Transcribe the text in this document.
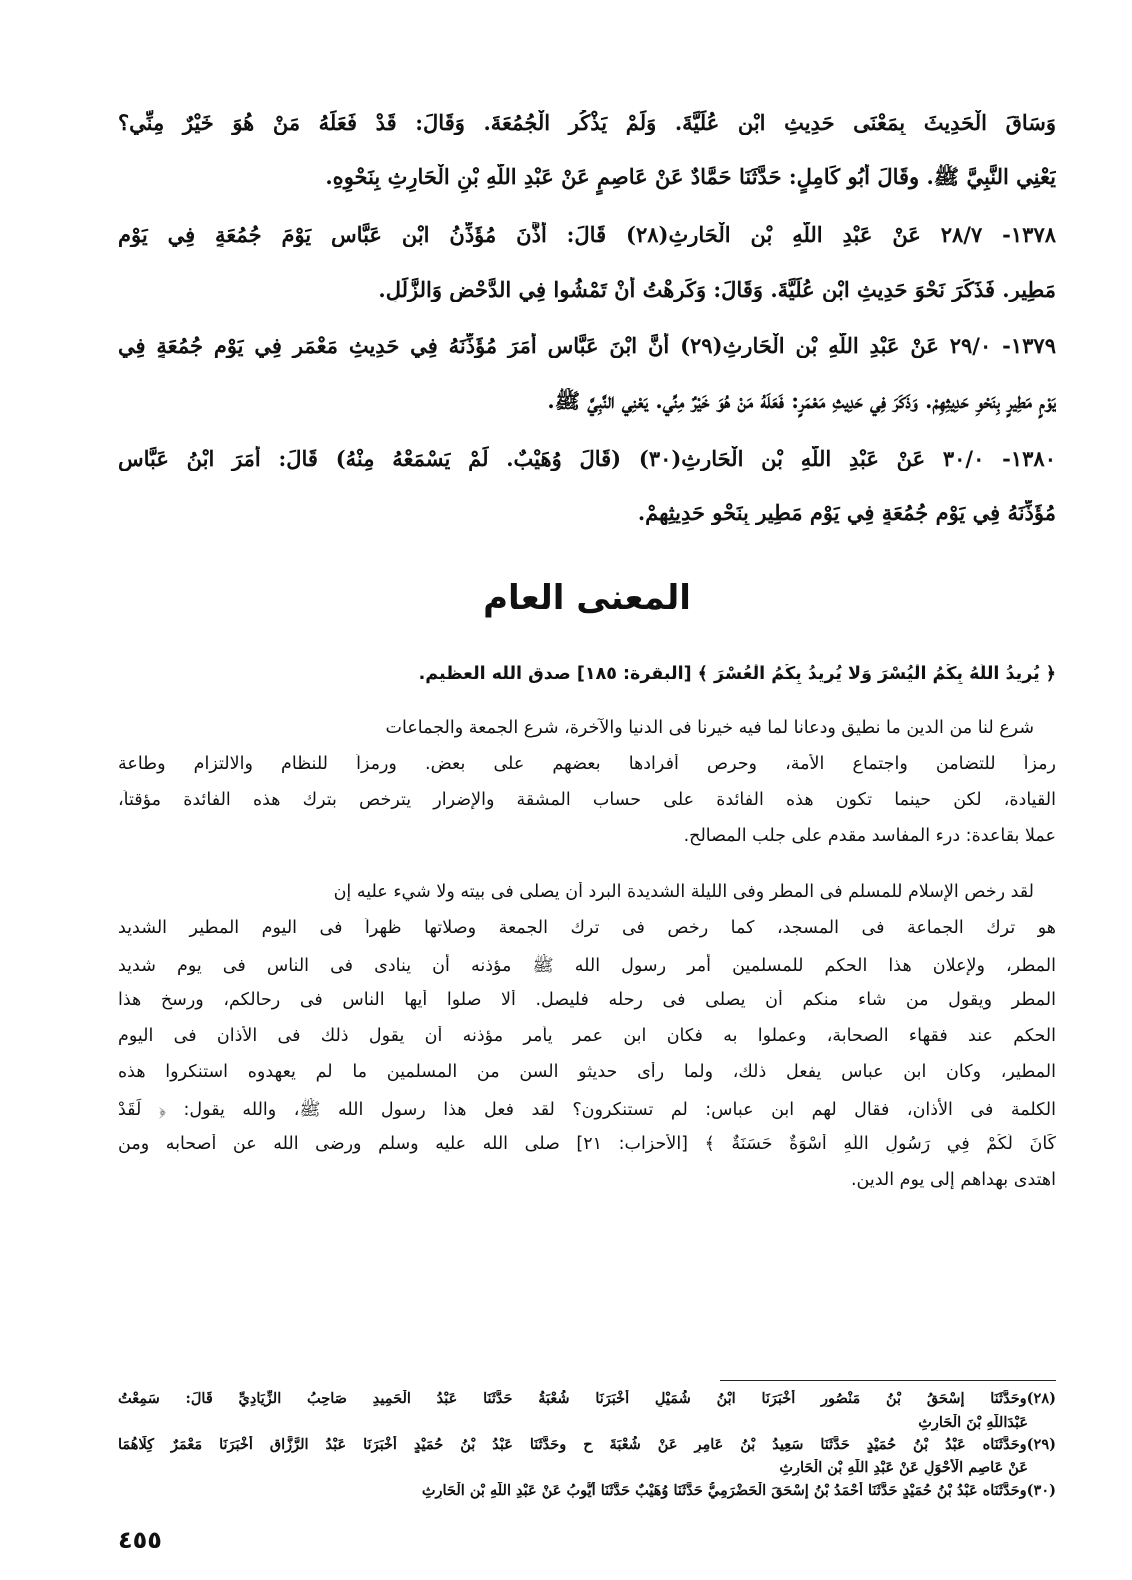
وَسَاقَ الْحَدِيثَ بِمَعْنَى حَدِيثِ ابْنِ عُلَيَّةَ. وَلَمْ يَذْكُرِ الْجُمُعَةَ. وَقَالَ: قَدْ فَعَلَهُ مَنْ هُوَ خَيْرٌ مِنِّي؟
يَعْنِي النَّبِيَّ ﷺ. وقَالَ أَبُو كَامِلٍ: حَدَّثَنَا حَمَّادٌ عَنْ عَاصِمٍ عَنْ عَبْدِ اللَّهِ بْنِ الْحَارِثِ بِنَحْوِهِ.
١٣٧٨- ٢٨/٧ عَنْ عَبْدِ اللَّهِ بْنِ الْحَارِثِ(٢٨) قَالَ: أَذَّنَ مُؤَذِّنُ ابْنِ عَبَّاسٍ يَوْمَ جُمُعَةٍ فِي يَوْمٍ
مَطِيرٍ. فَذَكَرَ نَحْوَ حَدِيثِ ابْنِ عُلَيَّةَ. وَقَالَ: وَكَرِهْتُ أَنْ تَمْشُوا فِي الدَّحْضِ وَالزَّلَلِ.
١٣٧٩- ٢٩/٠ عَنْ عَبْدِ اللَّهِ بْنِ الْحَارِثِ(٢٩) أَنَّ ابْنَ عَبَّاسٍ أَمَرَ مُؤَذِّنَهُ فِي حَدِيثِ مَعْمَرٍ فِي يَوْمِ جُمُعَةٍ فِي
يَوْمٍ مَطِيرٍ بِنَحْوِ حَدِيثِهِمْ. وَذَكَرَ فِي حَدِيثِ مَعْمَرٍ: فَعَلَهُ مَنْ هُوَ خَيْرٌ مِنِّي. يَعْنِي النَّبِيَّ ﷺ.
١٣٨٠- ٣٠/٠ عَنْ عَبْدِ اللَّهِ بْنِ الْحَارِثِ(٣٠) (قَالَ وُهَيْبٌ. لَمْ يَسْمَعْهُ مِنْهُ) قَالَ: أَمَرَ ابْنُ عَبَّاسٍ
مُؤَذِّنَهُ فِي يَوْمِ جُمُعَةٍ فِي يَوْمٍ مَطِيرٍ بِنَحْوِ حَدِيثِهِمْ.
المعنى العام
﴿ يُرِيدُ اللَّهُ بِكُمُ الْيُسْرَ وَلا يُرِيدُ بِكُمُ الْعُسْرَ ﴾ [البقرة: ١٨٥] صدق الله العظيم.
شرع لنا من الدين ما نطيق ودعانا لما فيه خيرنا فى الدنيا والآخرة، شرع الجمعة والجماعات
رمزاً للتضامن واجتماع الأمة، وحرص أفرادها بعضهم على بعض. ورمزاً للنظام والالتزام وطاعة
القيادة، لكن حينما تكون هذه الفائدة على حساب المشقة والإضرار يترخص بترك هذه الفائدة مؤقتاً،
عملا بقاعدة: درء المفاسد مقدم على جلب المصالح.
لقد رخص الإسلام للمسلم فى المطر وفى الليلة الشديدة البرد أن يصلى فى بيته ولا شيء عليه إن
هو ترك الجماعة فى المسجد، كما رخص فى ترك الجمعة وصلاتها ظهراً فى اليوم المطير الشديد
المطر، ولإعلان هذا الحكم للمسلمين أمر رسول الله ﷺ مؤذنه أن ينادى فى الناس فى يوم شديد
المطر ويقول من شاء منكم أن يصلى فى رحله فليصل. ألا صلوا أيها الناس فى رحالكم، ورسخ هذا
الحكم عند فقهاء الصحابة، وعملوا به فكان ابن عمر يأمر مؤذنه أن يقول ذلك فى الأذان فى اليوم
المطير، وكان ابن عباس يفعل ذلك، ولما رأى حديثو السن من المسلمين ما لم يعهدوه استنكروا هذه
الكلمة فى الأذان، فقال لهم ابن عباس: لم تستنكرون؟ لقد فعل هذا رسول الله ﷺ، والله يقول: ﴿ لَقَدْ
كَانَ لَكُمْ فِي رَسُولِ اللَّهِ أُسْوَةٌ حَسَنَةٌ ﴾ [الأحزاب: ٢١] صلى الله عليه وسلم ورضى الله عن أصحابه ومن
اهتدى بهداهم إلى يوم الدين.
(٢٨)وحَدَّثَنَا إِسْحَقُ بْنُ مَنْصُورٍ أَخْبَرَنَا ابْنُ شُمَيْلٍ أَخْبَرَنَا شُعْبَةُ حَدَّثَنَا عَبْدُ الْحَمِيدِ صَاحِبُ الزِّيَادِيِّ قَالَ: سَمِعْتُ
عَبْدَاللَّهِ بْنَ الْحَارِثِ
(٢٩)وحَدَّثَنَاه عَبْدُ بْنُ حُمَيْدٍ حَدَّثَنَا سَعِيدُ بْنُ عَامِرٍ عَنْ شُعْبَةَ ح وحَدَّثَنَا عَبْدُ بْنُ حُمَيْدٍ أَخْبَرَنَا عَبْدُ الرَّزَّاقِ أَخْبَرَنَا مَعْمَرٌ كِلَاهُمَا
عَنْ عَاصِمٍ الْأَحْوَلِ عَنْ عَبْدِ اللَّهِ بْنِ الْحَارِثِ
(٣٠)وحَدَّثَنَاه عَبْدُ بْنُ حُمَيْدٍ حَدَّثَنَا أَحْمَدُ بْنُ إِسْحَقَ الْحَضْرَمِيُّ حَدَّثَنَا وُهَيْبٌ حَدَّثَنَا أَيُّوبُ عَنْ عَبْدِ اللَّهِ بْنِ الْحَارِثِ
٤٥٥
